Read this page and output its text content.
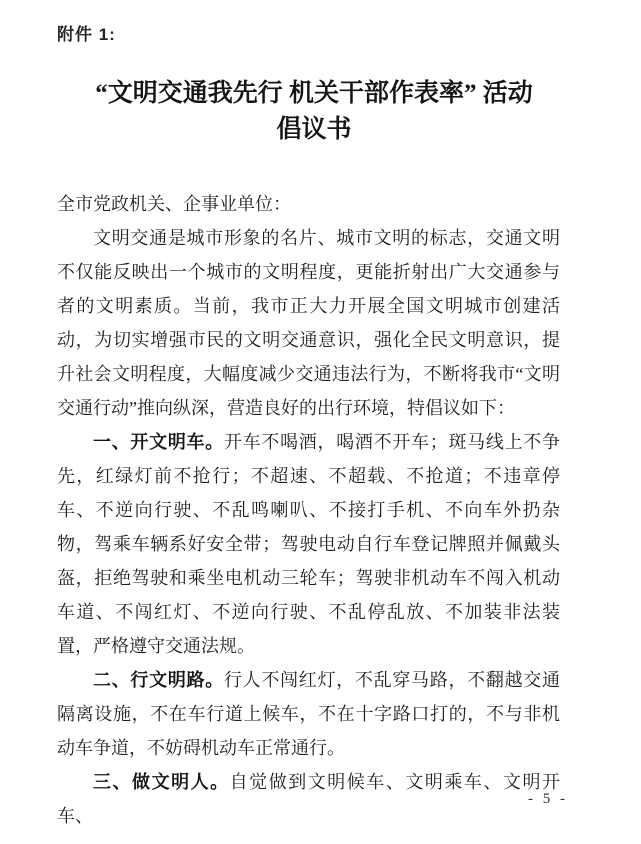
附件 1:
“文明交通我先行 机关干部作表率” 活动
倡议书

全市党政机关、企事业单位：

文明交通是城市形象的名片、城市文明的标志，交通文明不仅能反映出一个城市的文明程度，更能折射出广大交通参与者的文明素质。当前，我市正大力开展全国文明城市创建活动，为切实增强市民的文明交通意识，强化全民文明意识，提升社会文明程度，大幅度减少交通违法行为，不断将我市“文明交通行动”推向纵深，营造良好的出行环境，特倡议如下：

一、开文明车。开车不喝酒，喝酒不开车；斑马线上不争先，红绿灯前不抢行；不超速、不超载、不抢道；不违章停车、不逆向行驶、不乱鸣喇叭、不接打手机、不向车外扔杂物，驾乘车辆系好安全带；驾驶电动自行车登记牌照并佩戴头盔，拒绝驾驶和乘坐电机动三轮车；驾驶非机动车不闯入机动车道、不闯红灯、不逆向行驶、不乱停乱放、不加装非法装置，严格遵守交通法规。

二、行文明路。行人不闯红灯，不乱穿马路，不翻越交通隔离设施，不在车行道上候车，不在十字路口打的，不与非机动车争道，不妨碍机动车正常通行。

三、做文明人。自觉做到文明候车、文明乘车、文明开车、

- 5 -
